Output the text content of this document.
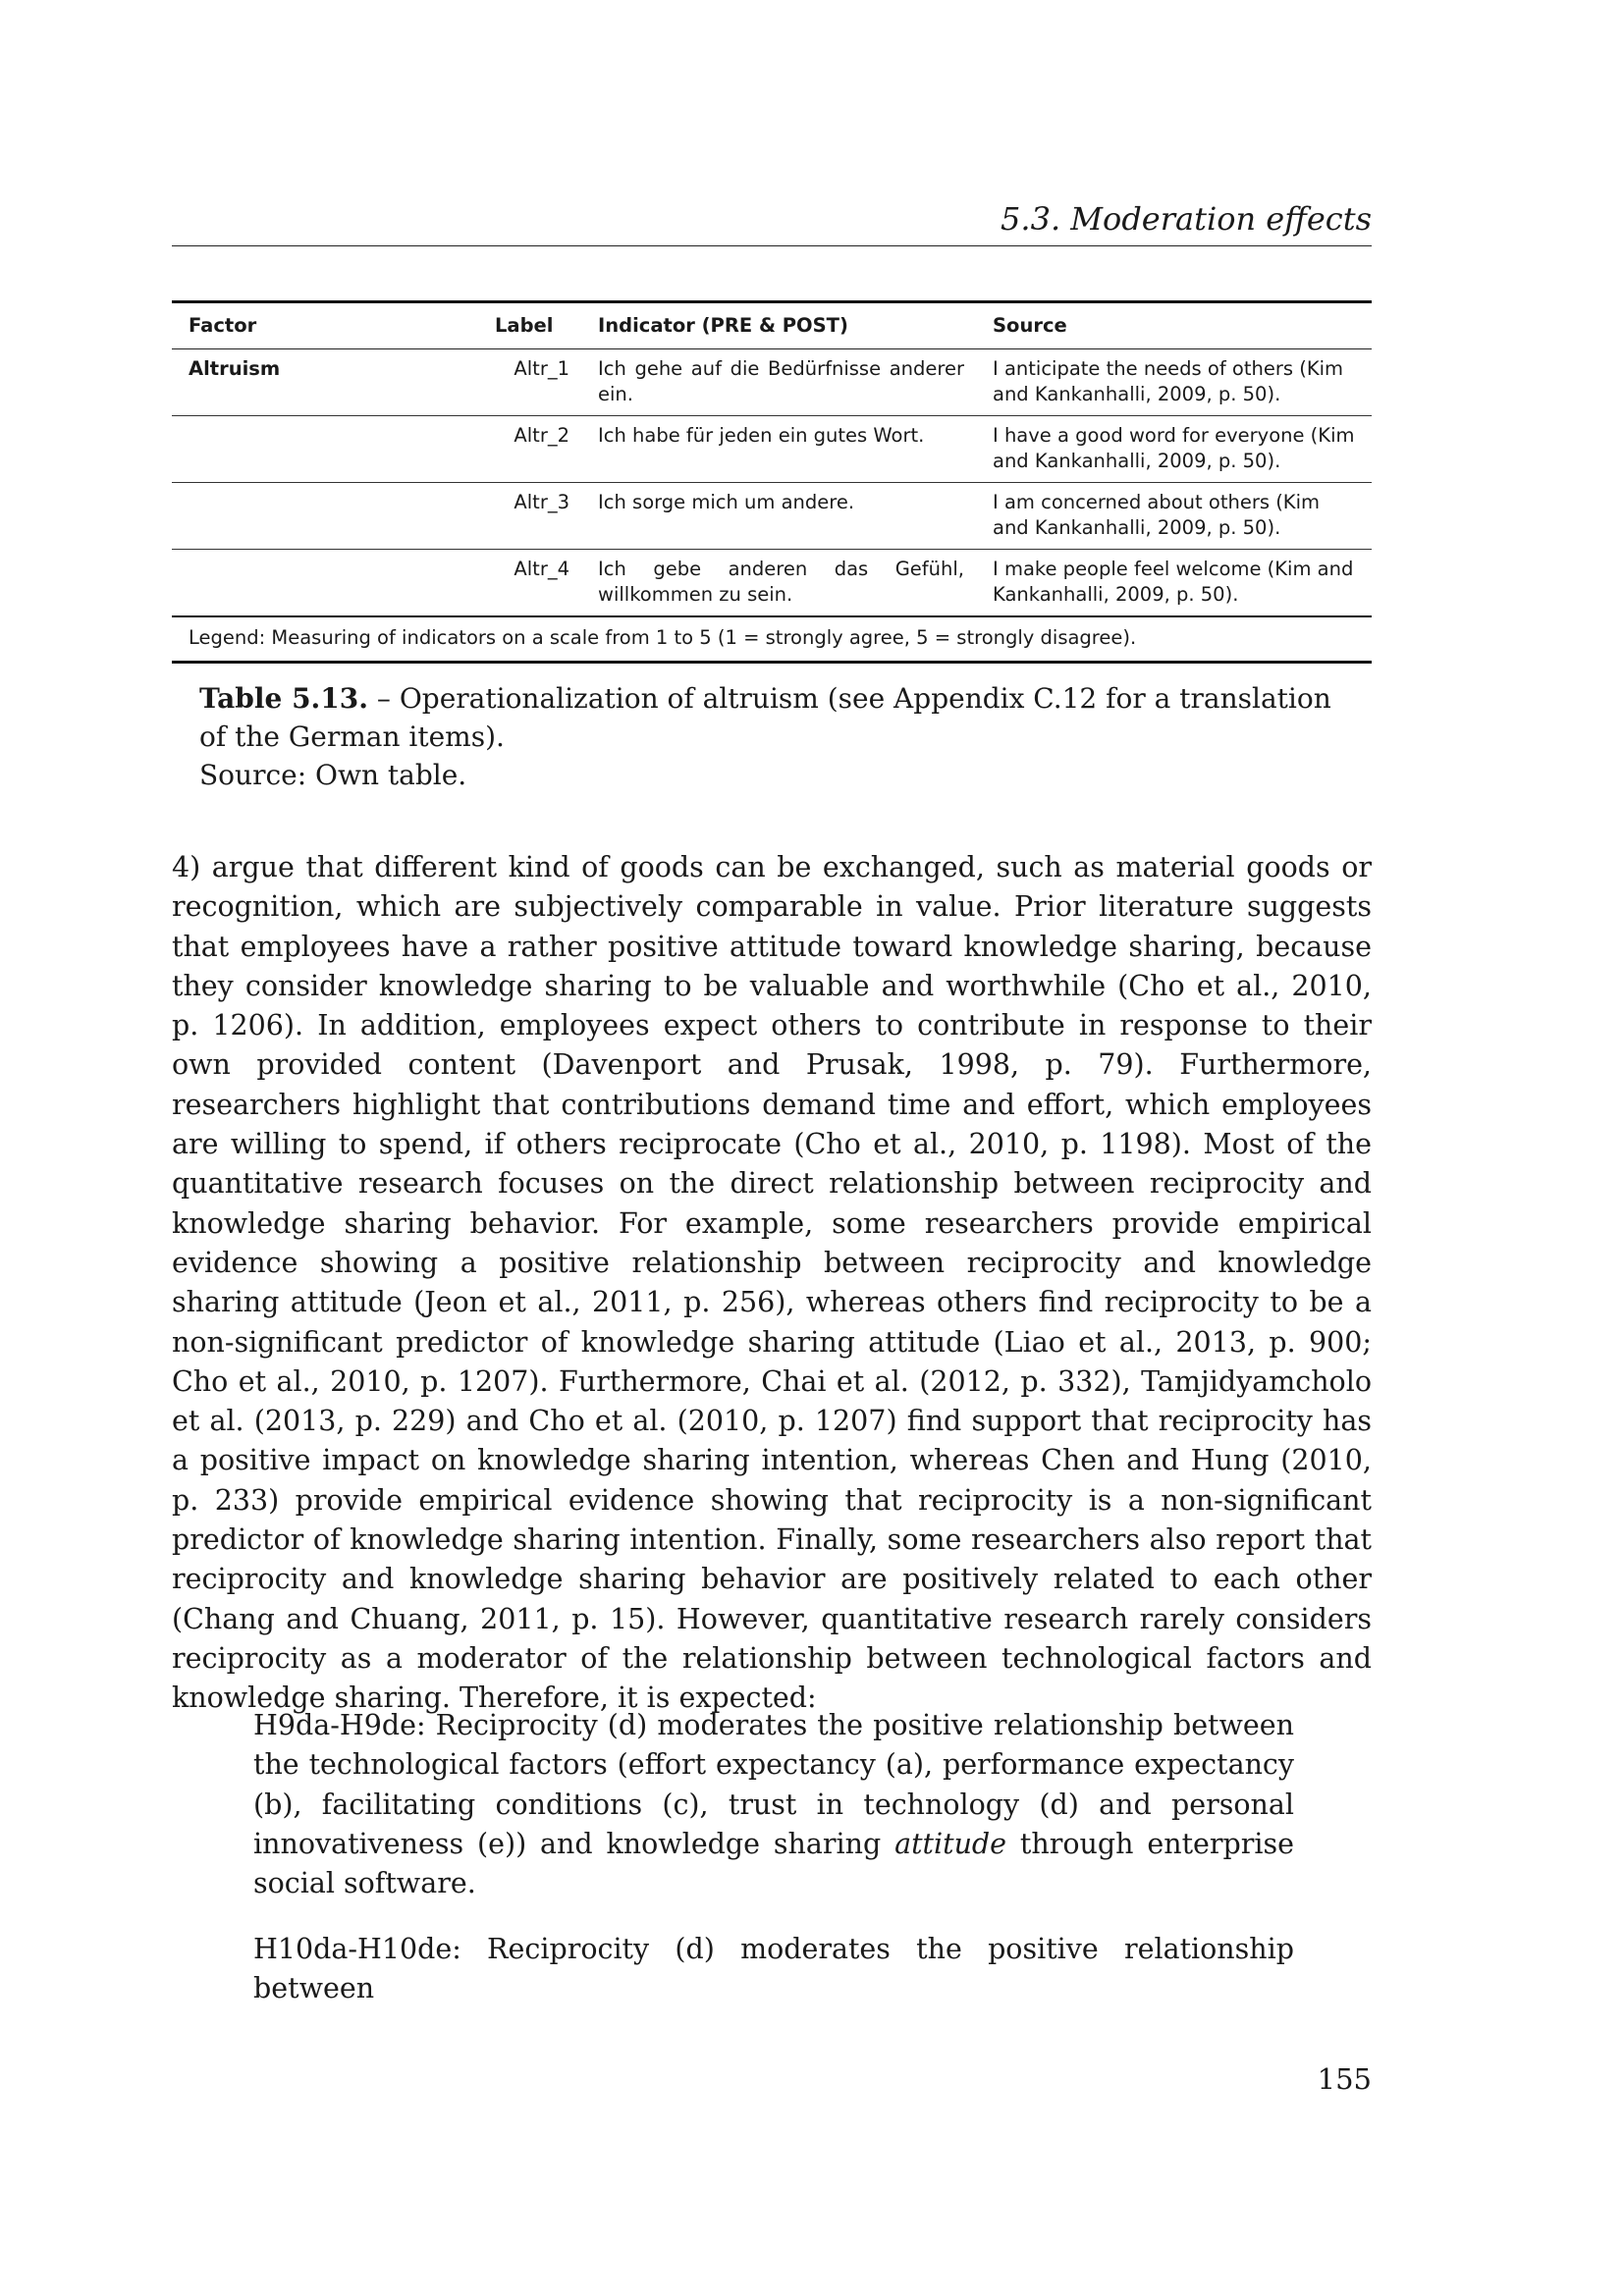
5.3. Moderation effects
Factor	Label	Indicator (PRE & POST)	Source
Altruism	Altr_1	Ich gehe auf die Bedürfnisse anderer ein.	I anticipate the needs of others (Kim and Kankanhalli, 2009, p. 50).
	Altr_2	Ich habe für jeden ein gutes Wort.	I have a good word for everyone (Kim and Kankanhalli, 2009, p. 50).
	Altr_3	Ich sorge mich um andere.	I am concerned about others (Kim and Kankanhalli, 2009, p. 50).
	Altr_4	Ich gebe anderen das Gefühl, willkommen zu sein.	I make people feel welcome (Kim and Kankanhalli, 2009, p. 50).
Legend: Measuring of indicators on a scale from 1 to 5 (1 = strongly agree, 5 = strongly disagree).			
Table 5.13. – Operationalization of altruism (see Appendix C.12 for a translation of the German items).
Source: Own table.

4) argue that different kind of goods can be exchanged, such as material goods or recognition, which are subjectively comparable in value. Prior literature suggests that employees have a rather positive attitude toward knowledge sharing, because they consider knowledge sharing to be valuable and worthwhile (Cho et al., 2010, p. 1206). In addition, employees expect others to contribute in response to their own provided content (Davenport and Prusak, 1998, p. 79). Furthermore, researchers highlight that contributions demand time and effort, which employees are willing to spend, if others reciprocate (Cho et al., 2010, p. 1198). Most of the quantitative research focuses on the direct relationship between reciprocity and knowledge sharing behavior. For example, some researchers provide empirical evidence showing a positive relationship between reciprocity and knowledge sharing attitude (Jeon et al., 2011, p. 256), whereas others find reciprocity to be a non-significant predictor of knowledge sharing attitude (Liao et al., 2013, p. 900; Cho et al., 2010, p. 1207). Furthermore, Chai et al. (2012, p. 332), Tamjidyamcholo et al. (2013, p. 229) and Cho et al. (2010, p. 1207) find support that reciprocity has a positive impact on knowledge sharing intention, whereas Chen and Hung (2010, p. 233) provide empirical evidence showing that reciprocity is a non-significant predictor of knowledge sharing intention. Finally, some researchers also report that reciprocity and knowledge sharing behavior are positively related to each other (Chang and Chuang, 2011, p. 15). However, quantitative research rarely considers reciprocity as a moderator of the relationship between technological factors and knowledge sharing. Therefore, it is expected:

H9da-H9de: Reciprocity (d) moderates the positive relationship between the technological factors (effort expectancy (a), performance expectancy (b), facilitating conditions (c), trust in technology (d) and personal innovativeness (e)) and knowledge sharing attitude through enterprise social software.

H10da-H10de: Reciprocity (d) moderates the positive relationship between

155
